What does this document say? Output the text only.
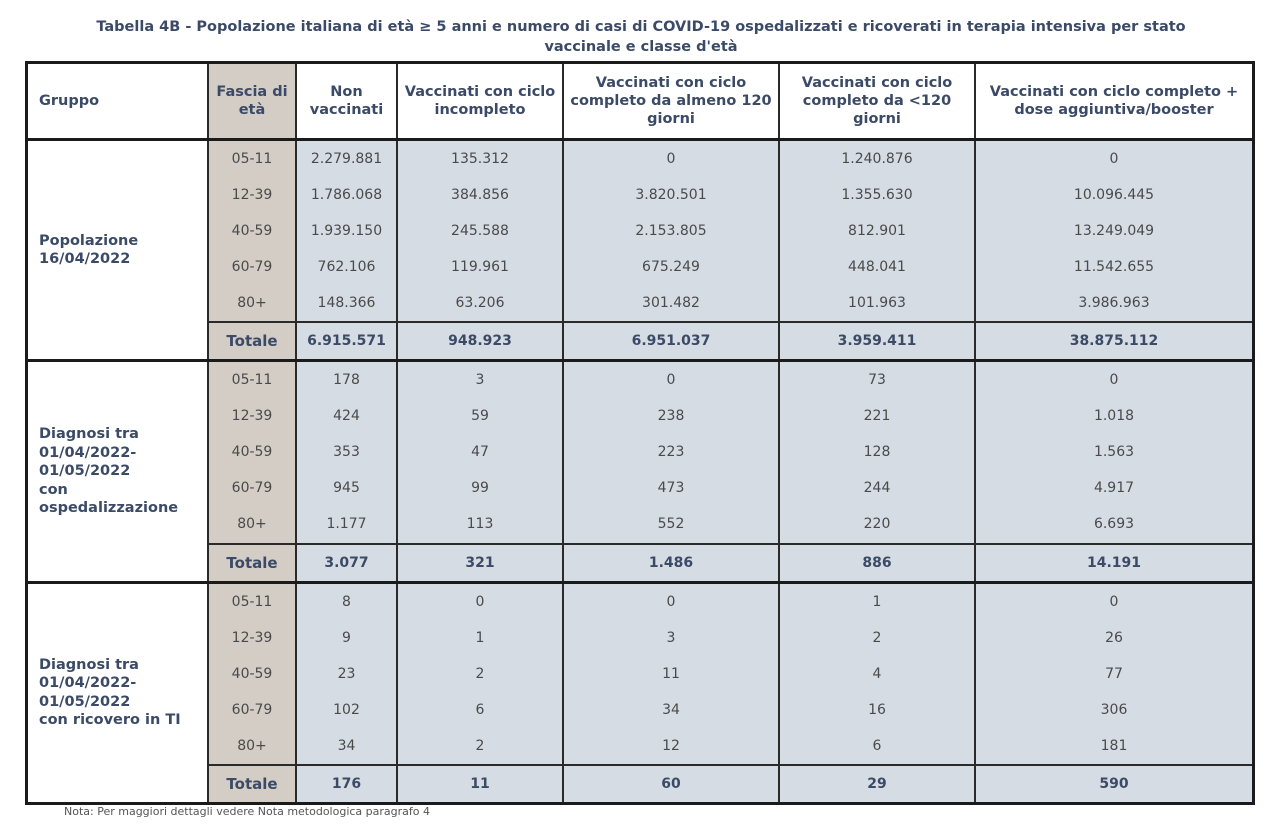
Tabella 4B - Popolazione italiana di età ≥ 5 anni e numero di casi di COVID-19 ospedalizzati e ricoverati in terapia intensiva per stato
vaccinale e classe d'età
Gruppo	Fascia di età	Non vaccinati	Vaccinati con ciclo incompleto	Vaccinati con ciclo completo da almeno 120 giorni	Vaccinati con ciclo completo da <120 giorni	Vaccinati con ciclo completo + dose aggiuntiva/booster
Popolazione
16/04/2022	05-11	2.279.881	135.312	0	1.240.876	0
	12-39	1.786.068	384.856	3.820.501	1.355.630	10.096.445
	40-59	1.939.150	245.588	2.153.805	812.901	13.249.049
	60-79	762.106	119.961	675.249	448.041	11.542.655
	80+	148.366	63.206	301.482	101.963	3.986.963
	Totale	6.915.571	948.923	6.951.037	3.959.411	38.875.112
Diagnosi tra
01/04/2022-
01/05/2022
con
ospedalizzazione	05-11	178	3	0	73	0
	12-39	424	59	238	221	1.018
	40-59	353	47	223	128	1.563
	60-79	945	99	473	244	4.917
	80+	1.177	113	552	220	6.693
	Totale	3.077	321	1.486	886	14.191
Diagnosi tra
01/04/2022-
01/05/2022
con ricovero in TI	05-11	8	0	0	1	0
	12-39	9	1	3	2	26
	40-59	23	2	11	4	77
	60-79	102	6	34	16	306
	80+	34	2	12	6	181
	Totale	176	11	60	29	590
Nota: Per maggiori dettagli vedere Nota metodologica paragrafo 4
